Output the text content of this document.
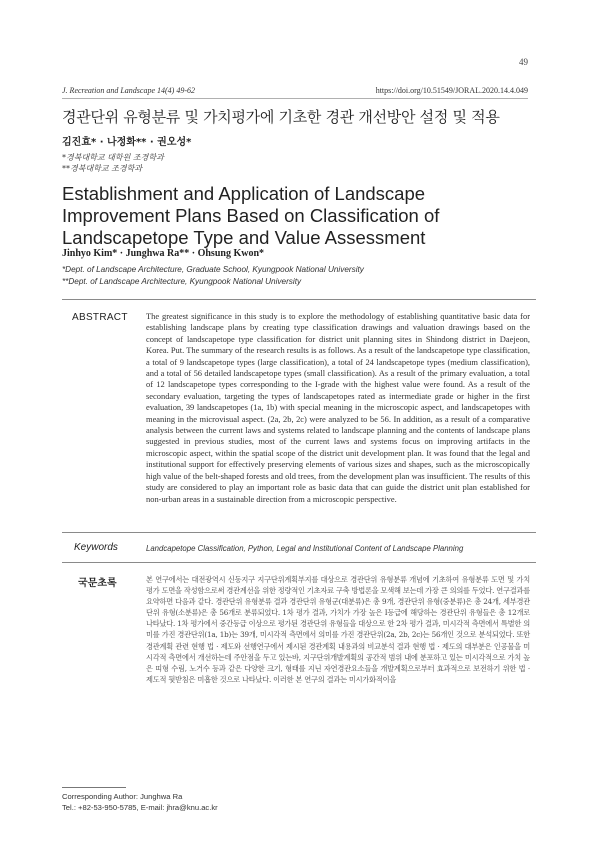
49
J. Recreation and Landscape 14(4) 49-62	https://doi.org/10.51549/JORAL.2020.14.4.049
경관단위 유형분류 및 가치평가에 기초한 경관 개선방안 설정 및 적용
김진효* · 나정화** · 권오성*
*경북대학교 대학원 조경학과
**경북대학교 조경학과
Establishment and Application of Landscape Improvement Plans Based on Classification of Landscapetope Type and Value Assessment
Jinhyo Kim* · Junghwa Ra** · Ohsung Kwon*
*Dept. of Landscape Architecture, Graduate School, Kyungpook National University
**Dept. of Landscape Architecture, Kyungpook National University
ABSTRACT The greatest significance in this study is to explore the methodology of establishing quantitative basic data for establishing landscape plans by creating type classification drawings and valuation drawings based on the concept of landscapetope type classification for district unit planning sites in Shindong district in Daejeon, Korea. Put. The summary of the research results is as follows. As a result of the landscapetope type classification, a total of 9 landscapetope types (large classification), a total of 24 landscapetope types (medium classification), and a total of 56 detailed landscapetope types (small classification). As a result of the primary evaluation, a total of 12 landscapetope types corresponding to the I-grade with the highest value were found. As a result of the secondary evaluation, targeting the types of landscapetopes rated as intermediate grade or higher in the first evaluation, 39 landscapetopes (1a, 1b) with special meaning in the microscopic aspect, and landscapetopes with meaning in the microvisual aspect. (2a, 2b, 2c) were analyzed to be 56. In addition, as a result of a comparative analysis between the current laws and systems related to landscape planning and the contents of landscape plans suggested in previous studies, most of the current laws and systems focus on improving artifacts in the microscopic aspect, within the spatial scope of the district unit development plan. It was found that the legal and institutional support for effectively preserving elements of various sizes and shapes, such as the microscopically high value of the belt-shaped forests and old trees, from the development plan was insufficient. The results of this study are considered to play an important role as basic data that can guide the district unit plan established for non-urban areas in a sustainable direction from a microscopic perspective.

Keywords	Landcapetope Classification, Python, Legal and Institutional Content of Landscape Planning
국문초록	본 연구에서는 대전광역시 신동지구 지구단위계획부지를 대상으로 경관단위 유형분류 개념에 기초하여 유형분류 도면 및 가치평가 도면을 작성함으로써 경관계선을 위한 정량적인 기초자료 구축 방법론을 모색해 보는데 가장 큰 의의를 두었다. 연구결과를 요약하면 다음과 같다. 경관단위 유형분류 결과 경관단위 유형군(대분류)은 총 9개, 경관단위 유형(중분류)은 총 24개, 세부경관단위 유형(소분류)은 총 56개로 분류되었다. 1차 평가 결과, 가치가 가장 높은 I등급에 해당하는 경관단위 유형들은 총 12개로 나타났다. 1차 평가에서 중간등급 이상으로 평가된 경관단위 유형들을 대상으로 한 2차 평가 결과, 미시각적 측면에서 특별한 의미를 가진 경관단위(1a, 1b)는 39개, 미시각적 측면에서 의미를 가진 경관단위(2a, 2b, 2c)는 56개인 것으로 분석되었다. 또한 경관계획 관련 현행 법 · 제도와 선행연구에서 제시된 경관계획 내용과의 비교분석 결과 현행 법 · 제도의 대부분은 인공물을 미시각적 측면에서 개선하는데 주안점을 두고 있는바, 지구단위개발계획의 공간적 범위 내에 분포하고 있는 미시각적으로 가치 높은 띠형 수림, 노거수 등과 같은 다양한 크기, 형태를 지닌 자연경관요소들을 개발계획으로부터 효과적으로 보전하기 위한 법 · 제도적 뒷받침은 미흡한 것으로 나타났다. 이러한 본 연구의 결과는 미시가화적이을

Corresponding Author: Junghwa Ra
Tel.: +82-53-950-5785, E-mail: jhra@knu.ac.kr
